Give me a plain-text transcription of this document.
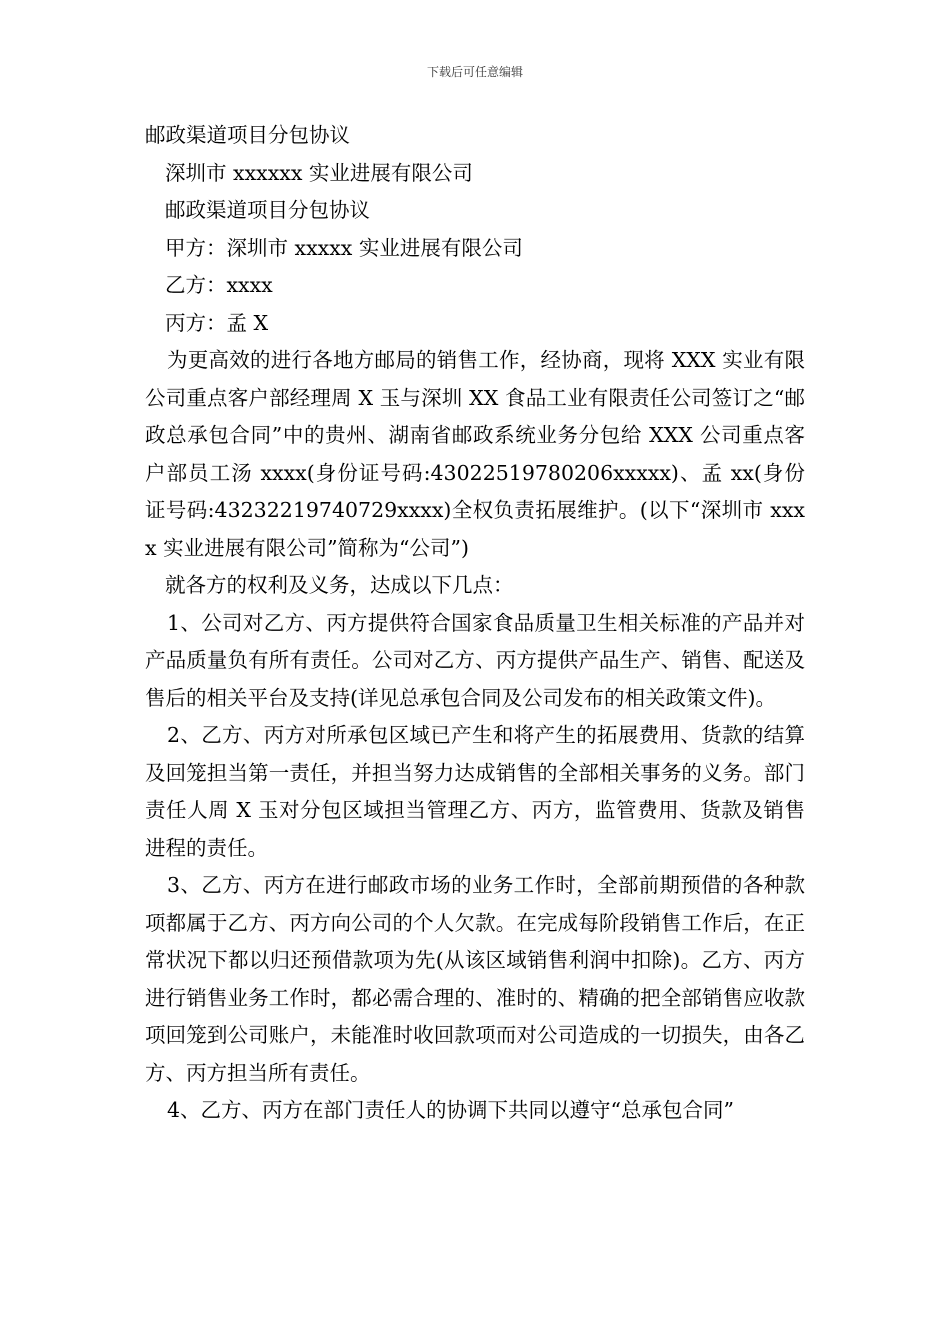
下载后可任意编辑

邮政渠道项目分包协议

深圳市 xxxxxx 实业进展有限公司

邮政渠道项目分包协议

甲方：深圳市 xxxxx 实业进展有限公司

乙方：xxxx

丙方：孟 X

为更高效的进行各地方邮局的销售工作，经协商，现将 XXX 实业有限公司重点客户部经理周 X 玉与深圳 XX 食品工业有限责任公司签订之“邮政总承包合同”中的贵州、湖南省邮政系统业务分包给 XXX 公司重点客户部员工汤 xxxx(身份证号码:43022519780206xxxxx)、孟 xx(身份证号码:43232219740729xxxx)全权负责拓展维护。(以下“深圳市 xxxx 实业进展有限公司”简称为“公司”)

就各方的权利及义务，达成以下几点：

1、公司对乙方、丙方提供符合国家食品质量卫生相关标准的产品并对产品质量负有所有责任。公司对乙方、丙方提供产品生产、销售、配送及售后的相关平台及支持(详见总承包合同及公司发布的相关政策文件)。

2、乙方、丙方对所承包区域已产生和将产生的拓展费用、货款的结算及回笼担当第一责任，并担当努力达成销售的全部相关事务的义务。部门责任人周 X 玉对分包区域担当管理乙方、丙方，监管费用、货款及销售进程的责任。

3、乙方、丙方在进行邮政市场的业务工作时，全部前期预借的各种款项都属于乙方、丙方向公司的个人欠款。在完成每阶段销售工作后，在正常状况下都以归还预借款项为先(从该区域销售利润中扣除)。乙方、丙方进行销售业务工作时，都必需合理的、准时的、精确的把全部销售应收款项回笼到公司账户，未能准时收回款项而对公司造成的一切损失，由各乙方、丙方担当所有责任。

4、乙方、丙方在部门责任人的协调下共同以遵守“总承包合同”
